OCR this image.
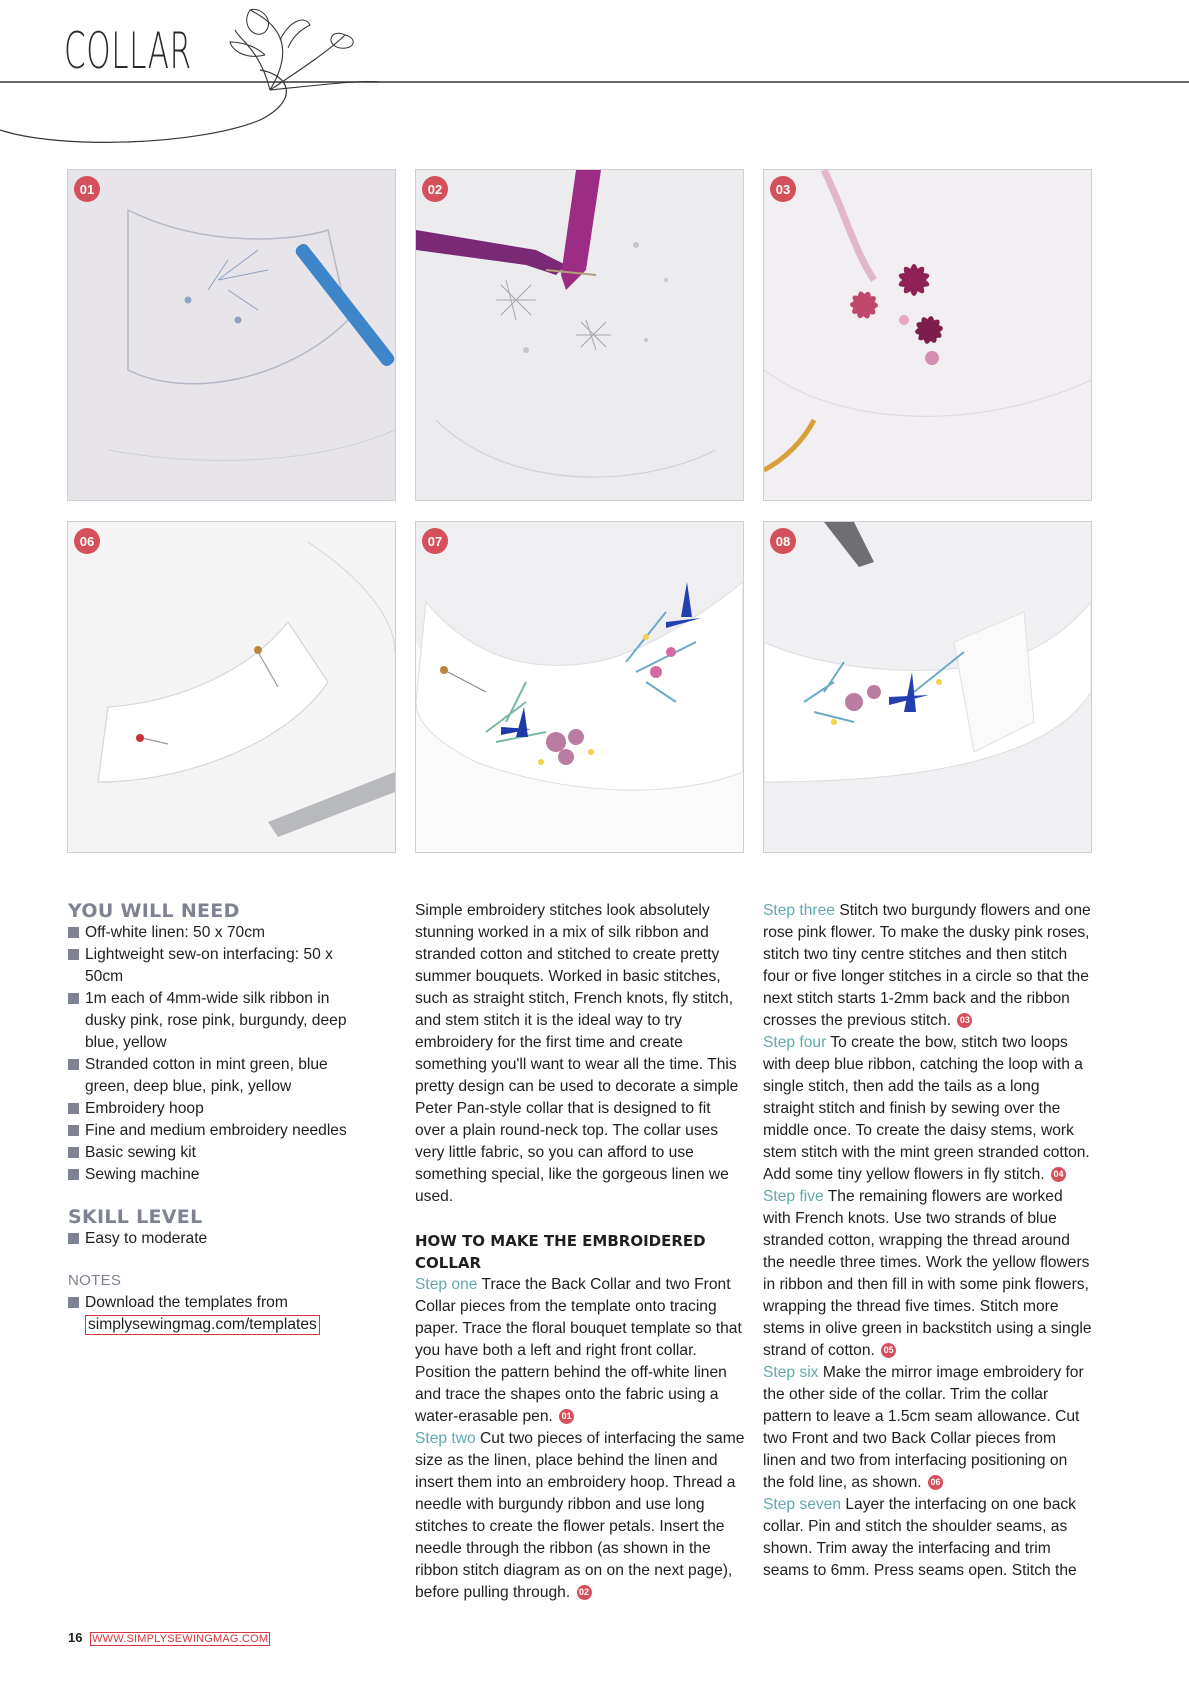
COLLAR
01	02	03
06	07	08

YOU WILL NEED

Off-white linen: 50 x 70cm
Lightweight sew-on interfacing: 50 x 50cm
1m each of 4mm-wide silk ribbon in dusky pink, rose pink, burgundy, deep blue, yellow
Stranded cotton in mint green, blue green, deep blue, pink, yellow
Embroidery hoop
Fine and medium embroidery needles
Basic sewing kit
Sewing machine

SKILL LEVEL

Easy to moderate

NOTES

Download the templates from
simplysewingmag.com/templates

Simple embroidery stitches look absolutely stunning worked in a mix of silk ribbon and stranded cotton and stitched to create pretty summer bouquets. Worked in basic stitches, such as straight stitch, French knots, fly stitch, and stem stitch it is the ideal way to try embroidery for the first time and create something you'll want to wear all the time. This pretty design can be used to decorate a simple Peter Pan-style collar that is designed to fit over a plain round-neck top. The collar uses very little fabric, so you can afford to use something special, like the gorgeous linen we used.

HOW TO MAKE THE EMBROIDERED COLLAR

Step one Trace the Back Collar and two Front Collar pieces from the template onto tracing paper. Trace the floral bouquet template so that you have both a left and right front collar. Position the pattern behind the off-white linen and trace the shapes onto the fabric using a water-erasable pen. 01

Step two Cut two pieces of interfacing the same size as the linen, place behind the linen and insert them into an embroidery hoop. Thread a needle with burgundy ribbon and use long stitches to create the flower petals. Insert the needle through the ribbon (as shown in the ribbon stitch diagram as on on the next page), before pulling through. 02

Step three Stitch two burgundy flowers and one rose pink flower. To make the dusky pink roses, stitch two tiny centre stitches and then stitch four or five longer stitches in a circle so that the next stitch starts 1-2mm back and the ribbon crosses the previous stitch. 03

Step four To create the bow, stitch two loops with deep blue ribbon, catching the loop with a single stitch, then add the tails as a long straight stitch and finish by sewing over the middle once. To create the daisy stems, work stem stitch with the mint green stranded cotton. Add some tiny yellow flowers in fly stitch. 04

Step five The remaining flowers are worked with French knots. Use two strands of blue stranded cotton, wrapping the thread around the needle three times. Work the yellow flowers in ribbon and then fill in with some pink flowers, wrapping the thread five times. Stitch more stems in olive green in backstitch using a single strand of cotton. 05

Step six Make the mirror image embroidery for the other side of the collar. Trim the collar pattern to leave a 1.5cm seam allowance. Cut two Front and two Back Collar pieces from linen and two from interfacing positioning on the fold line, as shown. 06

Step seven Layer the interfacing on one back collar. Pin and stitch the shoulder seams, as shown. Trim away the interfacing and trim seams to 6mm. Press seams open. Stitch the

16 WWW.SIMPLYSEWINGMAG.COM
